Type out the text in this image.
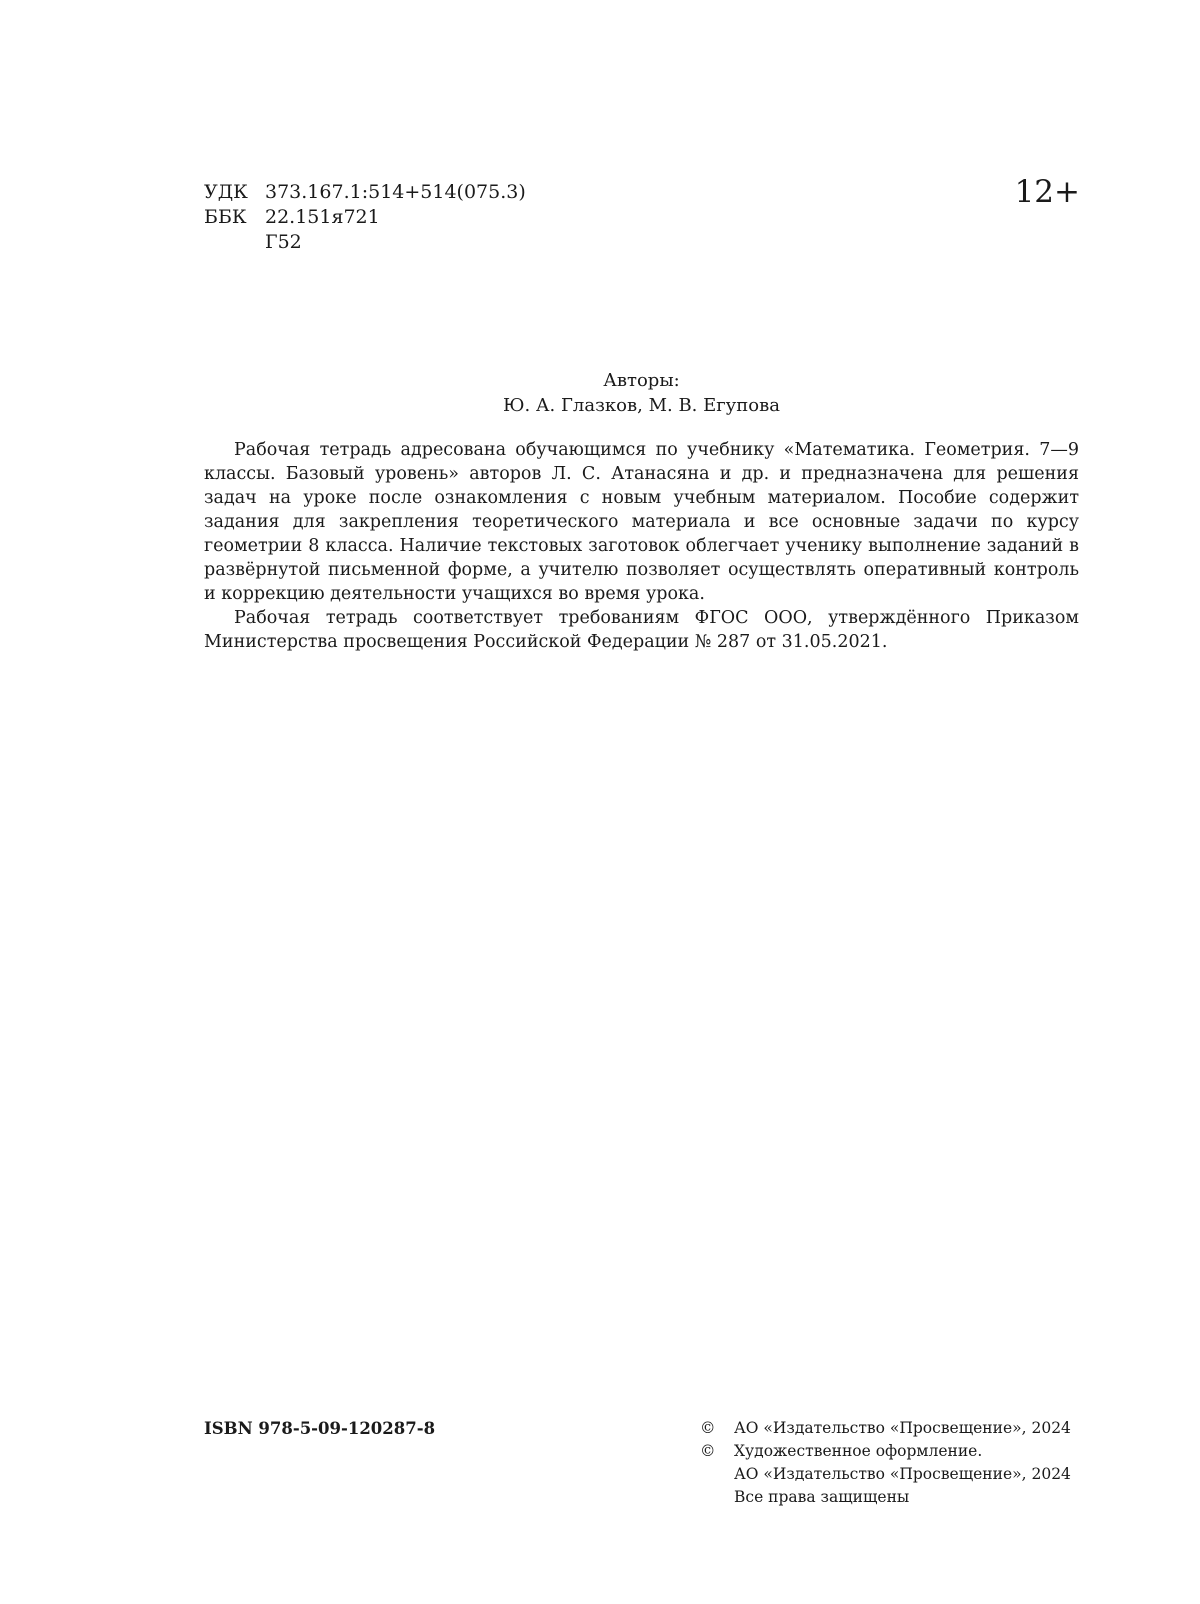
УДК 373.167.1:514+514(075.3)
ББК 22.151я721
Г52
12+
Авторы:
Ю. А. Глазков, М. В. Егупова

Рабочая тетрадь адресована обучающимся по учебнику «Математика. Геометрия. 7—9 классы. Базовый уровень» авторов Л. С. Атанасяна и др. и предназначена для решения задач на уроке после ознакомления с новым учебным материалом. Пособие содержит задания для закрепления теоретического материала и все основные задачи по курсу геометрии 8 класса. Наличие текстовых заготовок облегчает ученику выполнение заданий в развёрнутой письменной форме, а учителю позволяет осуществлять оперативный контроль и коррекцию деятельности учащихся во время урока.

Рабочая тетрадь соответствует требованиям ФГОС ООО, утверждённого Приказом Министерства просвещения Российской Федерации № 287 от 31.05.2021.

ISBN 978-5-09-120287-8	©	АО «Издательство «Просвещение», 2024
©	Художественное оформление.
АО «Издательство «Просвещение», 2024
Все права защищены
